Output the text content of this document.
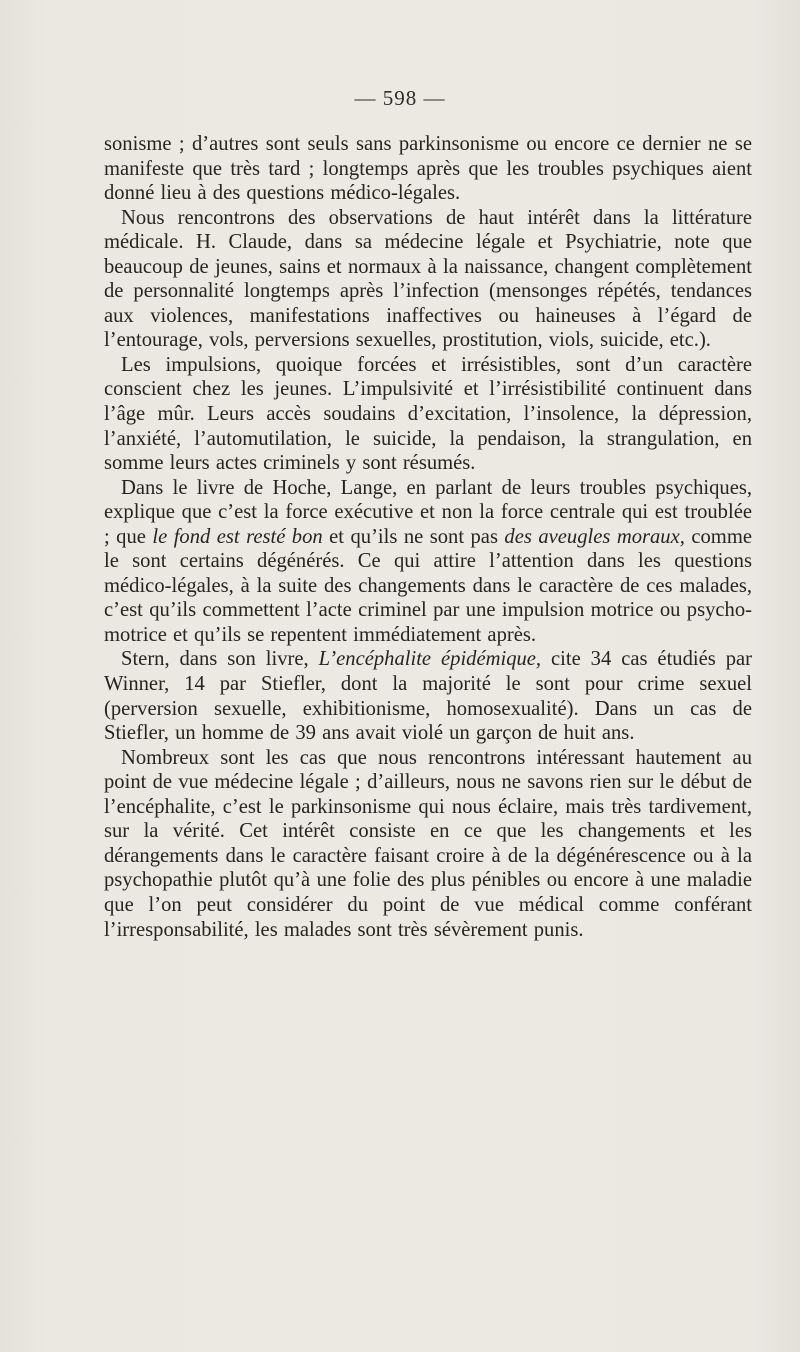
— 598 —

sonisme ; d’autres sont seuls sans parkinsonisme ou encore ce dernier ne se manifeste que très tard ; longtemps après que les troubles psychiques aient donné lieu à des questions médico-légales.

Nous rencontrons des observations de haut intérêt dans la littérature médicale. H. Claude, dans sa médecine légale et Psychiatrie, note que beaucoup de jeunes, sains et normaux à la naissance, changent complètement de personnalité longtemps après l’infection (mensonges répétés, tendances aux violences, manifestations inaffectives ou haineuses à l’égard de l’entourage, vols, perversions sexuelles, prostitution, viols, suicide, etc.).

Les impulsions, quoique forcées et irrésistibles, sont d’un caractère conscient chez les jeunes. L’impulsivité et l’irrésistibilité continuent dans l’âge mûr. Leurs accès soudains d’excitation, l’insolence, la dépression, l’anxiété, l’automutilation, le suicide, la pendaison, la strangulation, en somme leurs actes criminels y sont résumés.

Dans le livre de Hoche, Lange, en parlant de leurs troubles psychiques, explique que c’est la force exécutive et non la force centrale qui est troublée ; que le fond est resté bon et qu’ils ne sont pas des aveugles moraux, comme le sont certains dégénérés. Ce qui attire l’attention dans les questions médico-légales, à la suite des changements dans le caractère de ces malades, c’est qu’ils commettent l’acte criminel par une impulsion motrice ou psycho-motrice et qu’ils se repentent immédiatement après.

Stern, dans son livre, L’encéphalite épidémique, cite 34 cas étudiés par Winner, 14 par Stiefler, dont la majorité le sont pour crime sexuel (perversion sexuelle, exhibitionisme, homosexualité). Dans un cas de Stiefler, un homme de 39 ans avait violé un garçon de huit ans.

Nombreux sont les cas que nous rencontrons intéressant hautement au point de vue médecine légale ; d’ailleurs, nous ne savons rien sur le début de l’encéphalite, c’est le parkinsonisme qui nous éclaire, mais très tardivement, sur la vérité. Cet intérêt consiste en ce que les changements et les dérangements dans le caractère faisant croire à de la dégénérescence ou à la psychopathie plutôt qu’à une folie des plus pénibles ou encore à une maladie que l’on peut considérer du point de vue médical comme conférant l’irresponsabilité, les malades sont très sévèrement punis.
